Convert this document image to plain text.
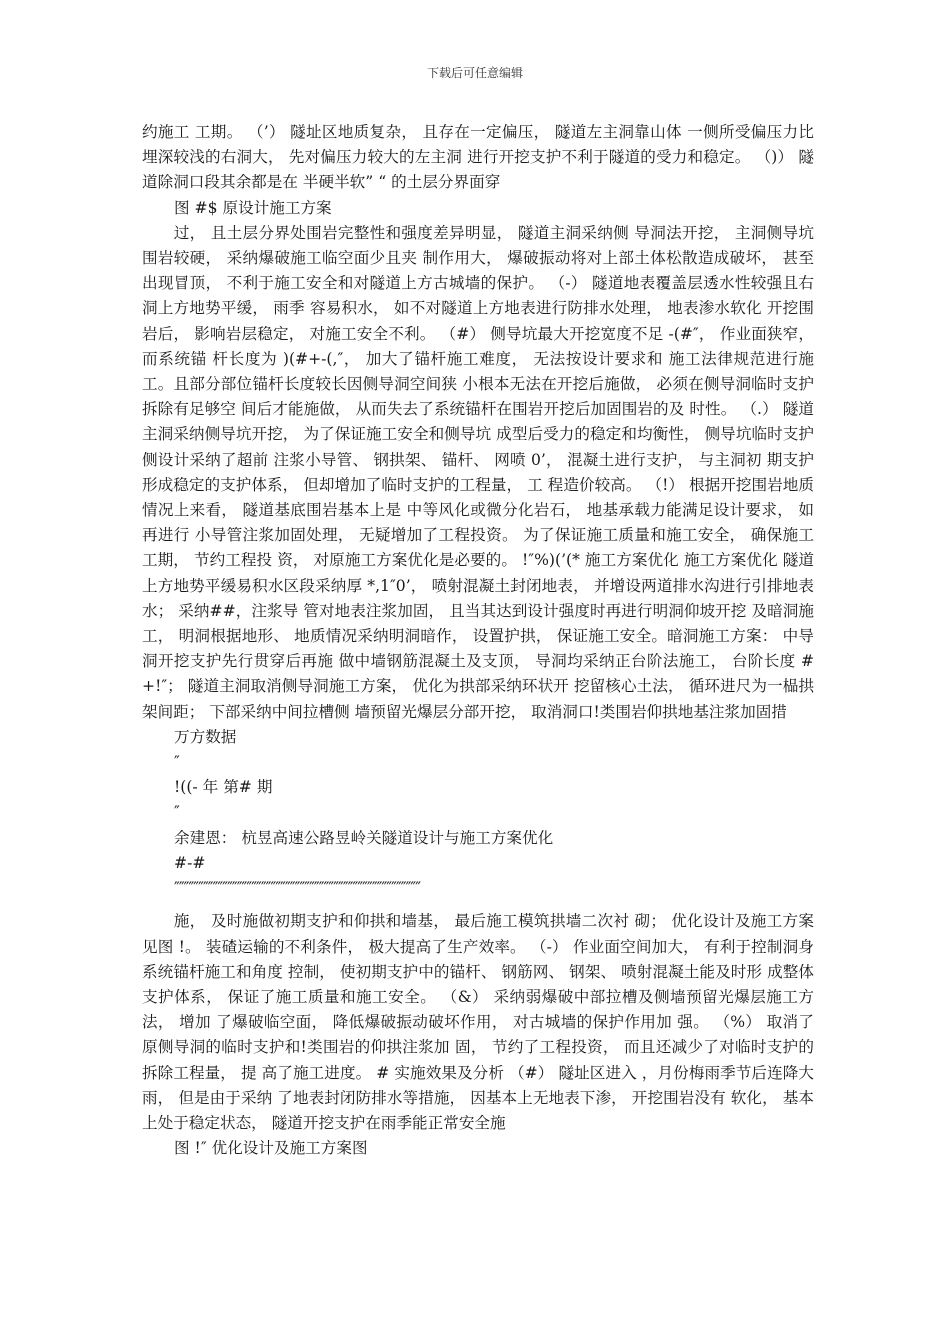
下载后可任意编辑

约施工 工期。 （’） 隧址区地质复杂， 且存在一定偏压， 隧道左主洞靠山体 一侧所受偏压力比埋深较浅的右洞大， 先对偏压力较大的左主洞 进行开挖支护不利于隧道的受力和稳定。 （)） 隧道除洞口段其余都是在 半硬半软” “ 的土层分界面穿

图 #$ 原设计施工方案

　　过， 且土层分界处围岩完整性和强度差异明显， 隧道主洞采纳侧 导洞法开挖， 主洞侧导坑围岩较硬， 采纳爆破施工临空面少且夹 制作用大， 爆破振动将对上部土体松散造成破坏， 甚至出现冒顶， 不利于施工安全和对隧道上方古城墙的保护。 （-） 隧道地表覆盖层透水性较强且右洞上方地势平缓， 雨季 容易积水， 如不对隧道上方地表进行防排水处理， 地表渗水软化 开挖围岩后， 影响岩层稳定， 对施工安全不利。 （#） 侧导坑最大开挖宽度不足 -(#″， 作业面狭窄， 而系统锚 杆长度为 )(#+-(,″， 加大了锚杆施工难度， 无法按设计要求和 施工法律规范进行施工。且部分部位锚杆长度较长因侧导洞空间狭 小根本无法在开挖后施做， 必须在侧导洞临时支护拆除有足够空 间后才能施做， 从而失去了系统锚杆在围岩开挖后加固围岩的及 时性。 （.） 隧道主洞采纳侧导坑开挖， 为了保证施工安全和侧导坑 成型后受力的稳定和均衡性， 侧导坑临时支护侧设计采纳了超前 注浆小导管、 钢拱架、 锚杆、 网喷 0’， 混凝土进行支护， 与主洞初 期支护形成稳定的支护体系， 但却增加了临时支护的工程量， 工 程造价较高。 （!） 根据开挖围岩地质情况上来看， 隧道基底围岩基本上是 中等风化或微分化岩石， 地基承载力能满足设计要求， 如再进行 小导管注浆加固处理， 无疑增加了工程投资。 为了保证施工质量和施工安全， 确保施工工期， 节约工程投 资， 对原施工方案优化是必要的。 !″%)(’(* 施工方案优化 施工方案优化 隧道上方地势平缓易积水区段采纳厚 *,1″0’， 喷射混凝土封闭地表， 并增设两道排水沟进行引排地表水； 采纳##，注浆导 管对地表注浆加固， 且当其达到设计强度时再进行明洞仰坡开挖 及暗洞施工， 明洞根据地形、 地质情况采纳明洞暗作， 设置护拱， 保证施工安全。暗洞施工方案： 中导洞开挖支护先行贯穿后再施 做中墙钢筋混凝土及支顶， 导洞均采纳正台阶法施工， 台阶长度 #+!″； 隧道主洞取消侧导洞施工方案， 优化为拱部采纳环状开 挖留核心土法， 循环进尺为一榀拱架间距； 下部采纳中间拉槽侧 墙预留光爆层分部开挖， 取消洞口!类围岩仰拱地基注浆加固措

万方数据

″

!((- 年 第# 期

″

余建恩： 杭昱高速公路昱岭关隧道设计与施工方案优化

#-#

″″″″″″″″″″″″″″″″″″″″″″″″″″″″″″″″″″″″″″″″″″″″″″″″″″″

　　施， 及时施做初期支护和仰拱和墙基， 最后施工模筑拱墙二次衬 砌； 优化设计及施工方案见图 !。 装碴运输的不利条件， 极大提高了生产效率。 （-） 作业面空间加大， 有利于控制洞身系统锚杆施工和角度 控制， 使初期支护中的锚杆、 钢筋网、 钢架、 喷射混凝土能及时形 成整体支护体系， 保证了施工质量和施工安全。 （&） 采纳弱爆破中部拉槽及侧墙预留光爆层施工方法， 增加 了爆破临空面， 降低爆破振动破坏作用， 对古城墙的保护作用加 强。 （%） 取消了原侧导洞的临时支护和!类围岩的仰拱注浆加 固， 节约了工程投资， 而且还减少了对临时支护的拆除工程量， 提 高了施工进度。 # 实施效果及分析 （#） 隧址区进入 ，月份梅雨季节后连降大雨， 但是由于采纳 了地表封闭防排水等措施， 因基本上无地表下渗， 开挖围岩没有 软化， 基本上处于稳定状态， 隧道开挖支护在雨季能正常安全施

图 !″ 优化设计及施工方案图
